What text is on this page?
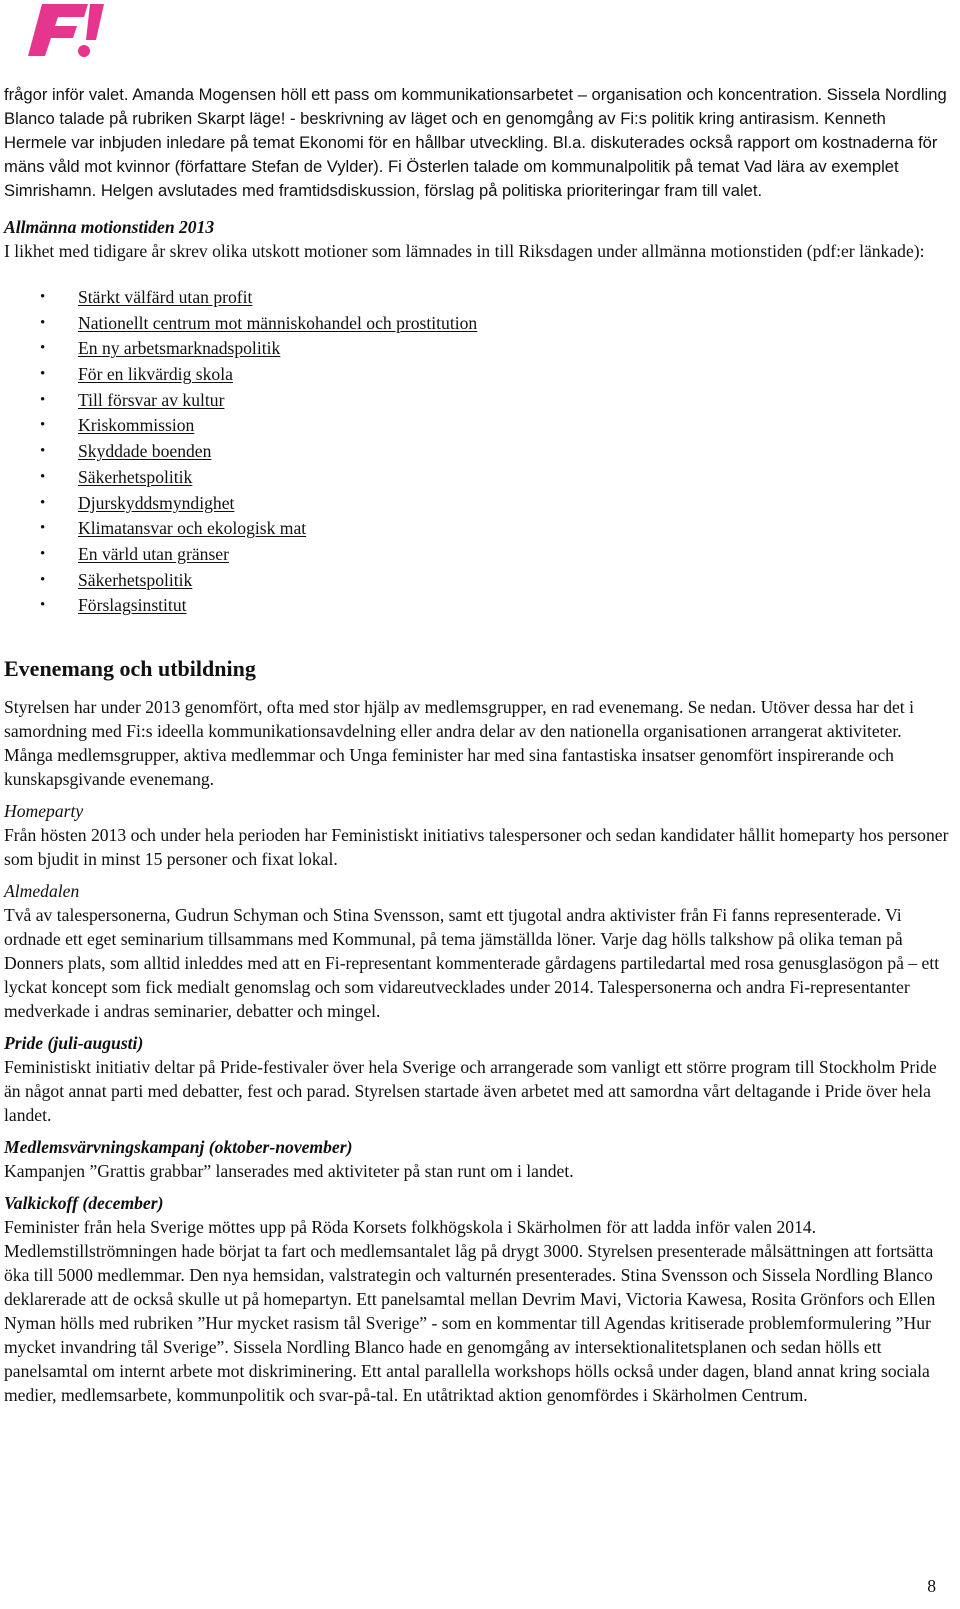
frågor inför valet. Amanda Mogensen höll ett pass om kommunikationsarbetet – organisation och koncentration. Sissela Nordling Blanco talade på rubriken Skarpt läge! - beskrivning av läget och en genomgång av Fi:s politik kring antirasism. Kenneth Hermele var inbjuden inledare på temat Ekonomi för en hållbar utveckling. Bl.a. diskuterades också rapport om kostnaderna för mäns våld mot kvinnor (författare Stefan de Vylder). Fi Österlen talade om kommunalpolitik på temat Vad lära av exemplet Simrishamn. Helgen avslutades med framtidsdiskussion, förslag på politiska prioriteringar fram till valet.

Allmänna motionstiden 2013

I likhet med tidigare år skrev olika utskott motioner som lämnades in till Riksdagen under allmänna motionstiden (pdf:er länkade):

• Stärkt välfärd utan profit
• Nationellt centrum mot människohandel och prostitution
• En ny arbetsmarknadspolitik
• För en likvärdig skola
• Till försvar av kultur
• Kriskommission
• Skyddade boenden
• Säkerhetspolitik
• Djurskyddsmyndighet
• Klimatansvar och ekologisk mat
• En värld utan gränser
• Säkerhetspolitik
• Förslagsinstitut
Evenemang och utbildning

Styrelsen har under 2013 genomfört, ofta med stor hjälp av medlemsgrupper, en rad evenemang. Se nedan. Utöver dessa har det i samordning med Fi:s ideella kommunikationsavdelning eller andra delar av den nationella organisationen arrangerat aktiviteter. Många medlemsgrupper, aktiva medlemmar och Unga feminister har med sina fantastiska insatser genomfört inspirerande och kunskapsgivande evenemang.

Homeparty

Från hösten 2013 och under hela perioden har Feministiskt initiativs talespersoner och sedan kandidater hållit homeparty hos personer som bjudit in minst 15 personer och fixat lokal.

Almedalen

Två av talespersonerna, Gudrun Schyman och Stina Svensson, samt ett tjugotal andra aktivister från Fi fanns representerade. Vi ordnade ett eget seminarium tillsammans med Kommunal, på tema jämställda löner. Varje dag hölls talkshow på olika teman på Donners plats, som alltid inleddes med att en Fi-representant kommenterade gårdagens partiledartal med rosa genusglasögon på – ett lyckat koncept som fick medialt genomslag och som vidareutvecklades under 2014. Talespersonerna och andra Fi-representanter medverkade i andras seminarier, debatter och mingel.

Pride (juli-augusti)

Feministiskt initiativ deltar på Pride-festivaler över hela Sverige och arrangerade som vanligt ett större program till Stockholm Pride än något annat parti med debatter, fest och parad. Styrelsen startade även arbetet med att samordna vårt deltagande i Pride över hela landet.

Medlemsvärvningskampanj (oktober-november)

Kampanjen ”Grattis grabbar” lanserades med aktiviteter på stan runt om i landet.

Valkickoff (december)

Feminister från hela Sverige möttes upp på Röda Korsets folkhögskola i Skärholmen för att ladda inför valen 2014. Medlemstillströmningen hade börjat ta fart och medlemsantalet låg på drygt 3000. Styrelsen presenterade målsättningen att fortsätta öka till 5000 medlemmar. Den nya hemsidan, valstrategin och valturnén presenterades. Stina Svensson och Sissela Nordling Blanco deklarerade att de också skulle ut på homepartyn. Ett panelsamtal mellan Devrim Mavi, Victoria Kawesa, Rosita Grönfors och Ellen Nyman hölls med rubriken ”Hur mycket rasism tål Sverige” - som en kommentar till Agendas kritiserade problemformulering ”Hur mycket invandring tål Sverige”. Sissela Nordling Blanco hade en genomgång av intersektionalitetsplanen och sedan hölls ett panelsamtal om internt arbete mot diskriminering. Ett antal parallella workshops hölls också under dagen, bland annat kring sociala medier, medlemsarbete, kommunpolitik och svar-på-tal. En utåtriktad aktion genomfördes i Skärholmen Centrum.

8
